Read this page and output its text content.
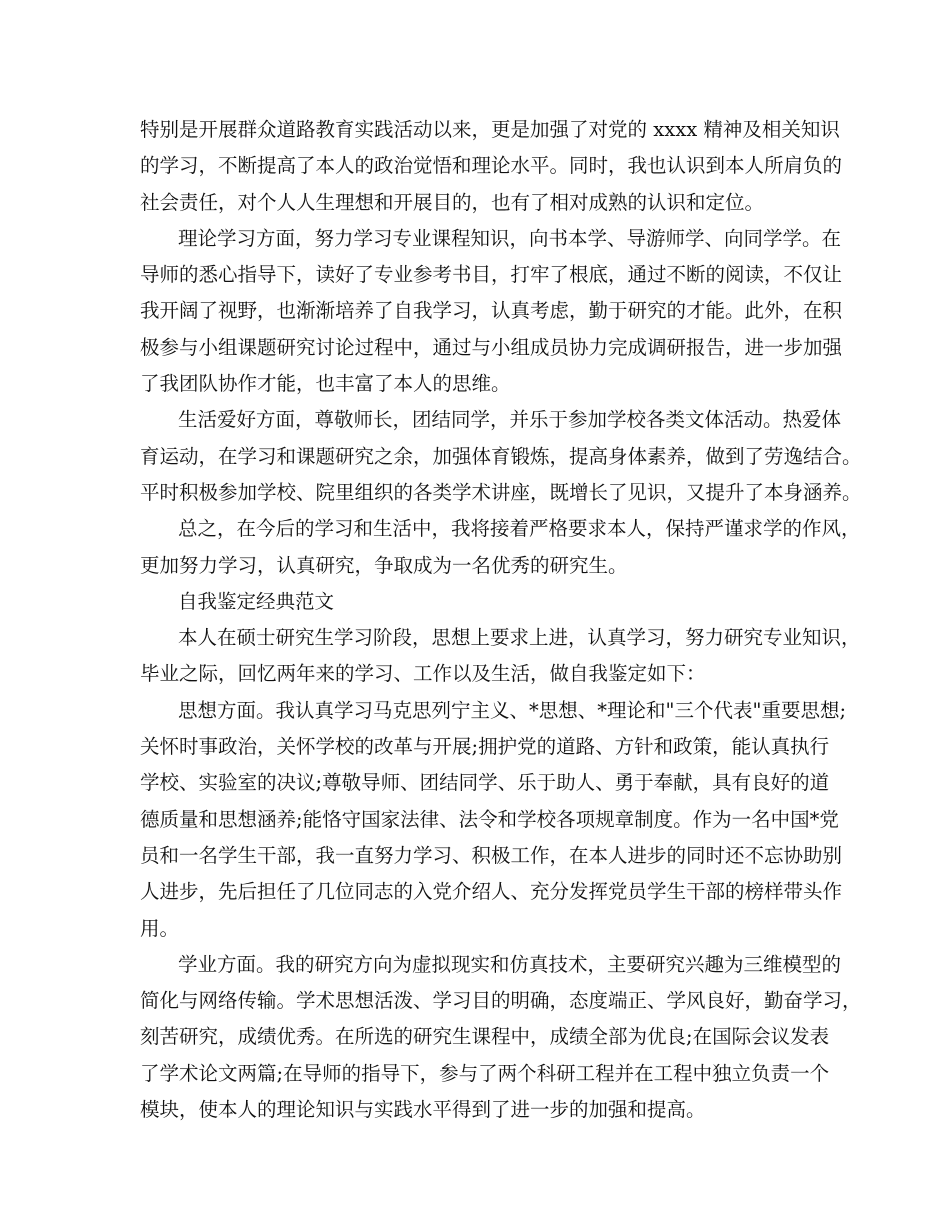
特别是开展群众道路教育实践活动以来，更是加强了对党的 xxxx 精神及相关知识
的学习，不断提高了本人的政治觉悟和理论水平。同时，我也认识到本人所肩负的
社会责任，对个人人生理想和开展目的，也有了相对成熟的认识和定位。
理论学习方面，努力学习专业课程知识，向书本学、导游师学、向同学学。在
导师的悉心指导下，读好了专业参考书目，打牢了根底，通过不断的阅读，不仅让
我开阔了视野，也渐渐培养了自我学习，认真考虑，勤于研究的才能。此外，在积
极参与小组课题研究讨论过程中，通过与小组成员协力完成调研报告，进一步加强
了我团队协作才能，也丰富了本人的思维。
生活爱好方面，尊敬师长，团结同学，并乐于参加学校各类文体活动。热爱体
育运动，在学习和课题研究之余，加强体育锻炼，提高身体素养，做到了劳逸结合。
平时积极参加学校、院里组织的各类学术讲座，既增长了见识，又提升了本身涵养。
总之，在今后的学习和生活中，我将接着严格要求本人，保持严谨求学的作风，
更加努力学习，认真研究，争取成为一名优秀的研究生。
自我鉴定经典范文
本人在硕士研究生学习阶段，思想上要求上进，认真学习，努力研究专业知识，
毕业之际，回忆两年来的学习、工作以及生活，做自我鉴定如下：
思想方面。我认真学习马克思列宁主义、*思想、*理论和"三个代表"重要思想;
关怀时事政治，关怀学校的改革与开展;拥护党的道路、方针和政策，能认真执行
学校、实验室的决议;尊敬导师、团结同学、乐于助人、勇于奉献，具有良好的道
德质量和思想涵养;能恪守国家法律、法令和学校各项规章制度。作为一名中国*党
员和一名学生干部，我一直努力学习、积极工作，在本人进步的同时还不忘协助别
人进步，先后担任了几位同志的入党介绍人、充分发挥党员学生干部的榜样带头作
用。
学业方面。我的研究方向为虚拟现实和仿真技术，主要研究兴趣为三维模型的
简化与网络传输。学术思想活泼、学习目的明确，态度端正、学风良好，勤奋学习，
刻苦研究，成绩优秀。在所选的研究生课程中，成绩全部为优良;在国际会议发表
了学术论文两篇;在导师的指导下，参与了两个科研工程并在工程中独立负责一个
模块，使本人的理论知识与实践水平得到了进一步的加强和提高。
